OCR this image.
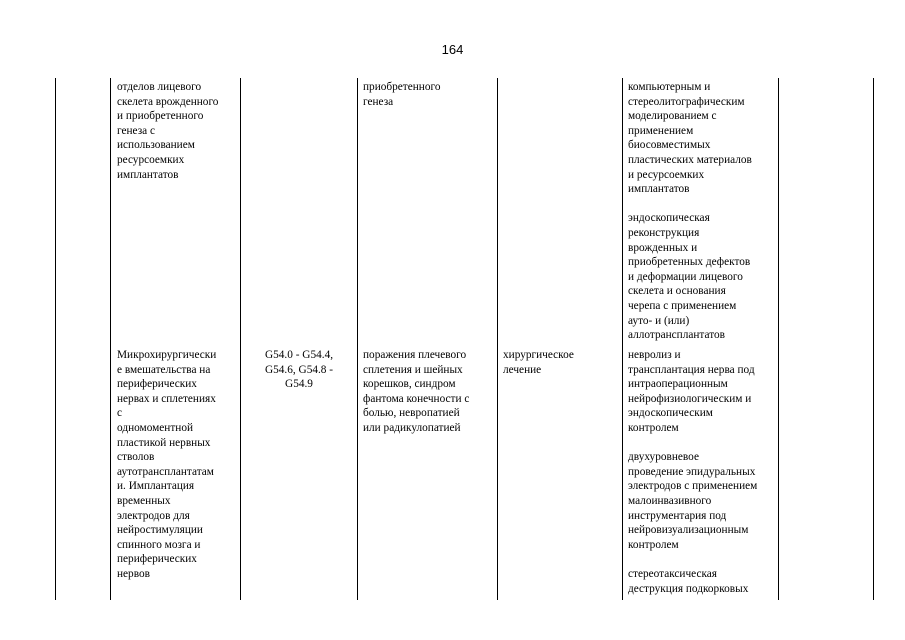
164
отделов лицевого
скелета врожденного
и приобретенного
генеза с
использованием
ресурсоемких
имплантатов
приобретенного
генеза
компьютерным и
стереолитографическим
моделированием с
применением
биосовместимых
пластических материалов
и ресурсоемких
имплантатов
эндоскопическая
реконструкция
врожденных и
приобретенных дефектов
и деформации лицевого
скелета и основания
черепа с применением
ауто- и (или)
аллотрансплантатов
Микрохирургически
е вмешательства на
периферических
нервах и сплетениях
с
одномоментной
пластикой нервных
стволов
аутотрансплантатам
и. Имплантация
временных
электродов для
нейростимуляции
спинного мозга и
периферических
нервов
G54.0 - G54.4,
G54.6, G54.8 -
G54.9
поражения плечевого
сплетения и шейных
корешков, синдром
фантома конечности с
болью, невропатией
или радикулопатией
хирургическое
лечение
невролиз и
трансплантация нерва под
интраоперационным
нейрофизиологическим и
эндоскопическим
контролем
двухуровневое
проведение эпидуральных
электродов с применением
малоинвазивного
инструментария под
нейровизуализационным
контролем
стереотаксическая
деструкция подкорковых
